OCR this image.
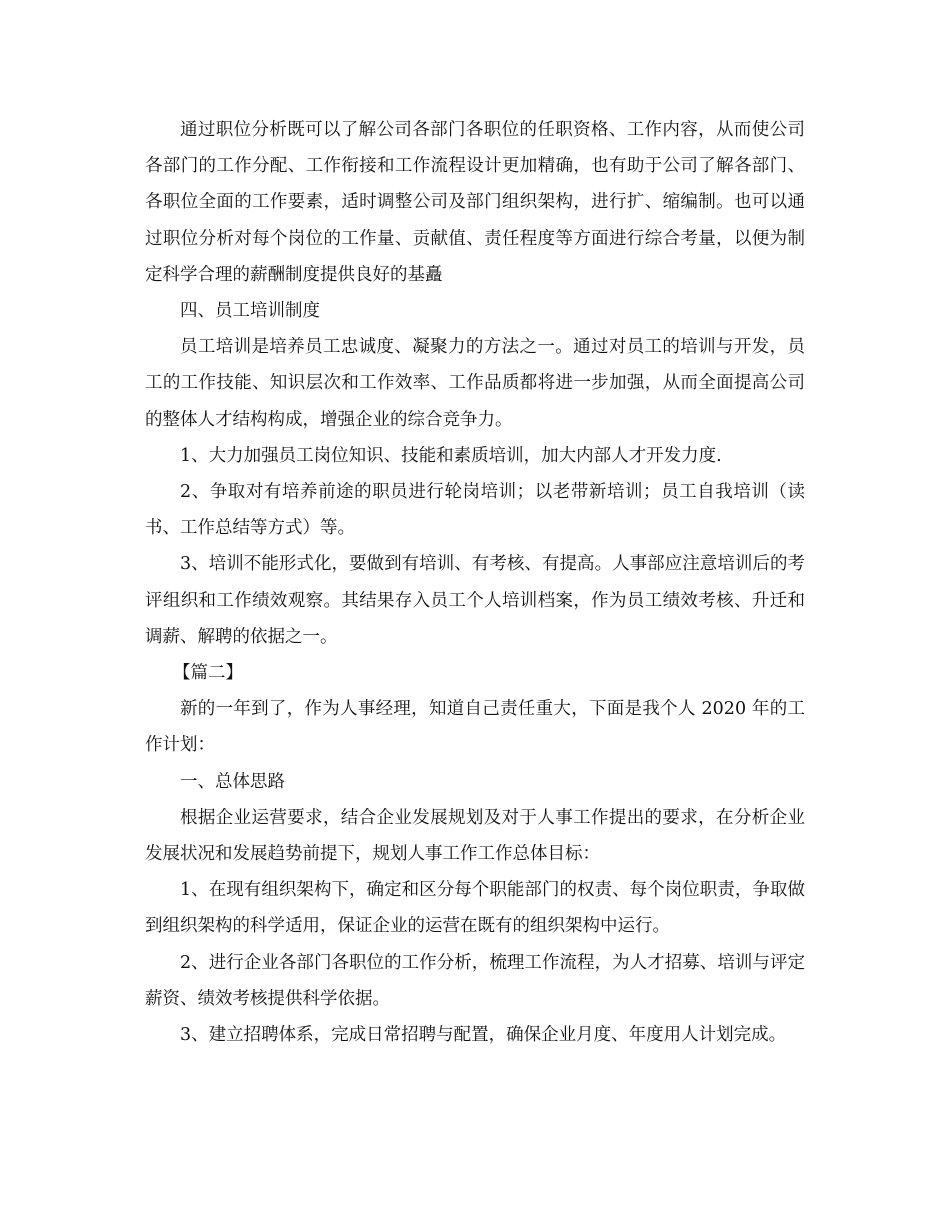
通过职位分析既可以了解公司各部门各职位的任职资格、工作内容，从而使公司各部门的工作分配、工作衔接和工作流程设计更加精确，也有助于公司了解各部门、各职位全面的工作要素，适时调整公司及部门组织架构，进行扩、缩编制。也可以通过职位分析对每个岗位的工作量、贡献值、责任程度等方面进行综合考量，以便为制定科学合理的薪酬制度提供良好的基矗

四、员工培训制度

员工培训是培养员工忠诚度、凝聚力的方法之一。通过对员工的培训与开发，员工的工作技能、知识层次和工作效率、工作品质都将进一步加强，从而全面提高公司的整体人才结构构成，增强企业的综合竞争力。

1、大力加强员工岗位知识、技能和素质培训，加大内部人才开发力度.

2、争取对有培养前途的职员进行轮岗培训；以老带新培训；员工自我培训（读书、工作总结等方式）等。

3、培训不能形式化，要做到有培训、有考核、有提高。人事部应注意培训后的考评组织和工作绩效观察。其结果存入员工个人培训档案，作为员工绩效考核、升迁和调薪、解聘的依据之一。

【篇二】

新的一年到了，作为人事经理，知道自己责任重大，下面是我个人 2020 年的工作计划：

一、总体思路

根据企业运营要求，结合企业发展规划及对于人事工作提出的要求，在分析企业发展状况和发展趋势前提下，规划人事工作工作总体目标：

1、在现有组织架构下，确定和区分每个职能部门的权责、每个岗位职责，争取做到组织架构的科学适用，保证企业的运营在既有的组织架构中运行。

2、进行企业各部门各职位的工作分析，梳理工作流程，为人才招募、培训与评定薪资、绩效考核提供科学依据。

3、建立招聘体系，完成日常招聘与配置，确保企业月度、年度用人计划完成。
